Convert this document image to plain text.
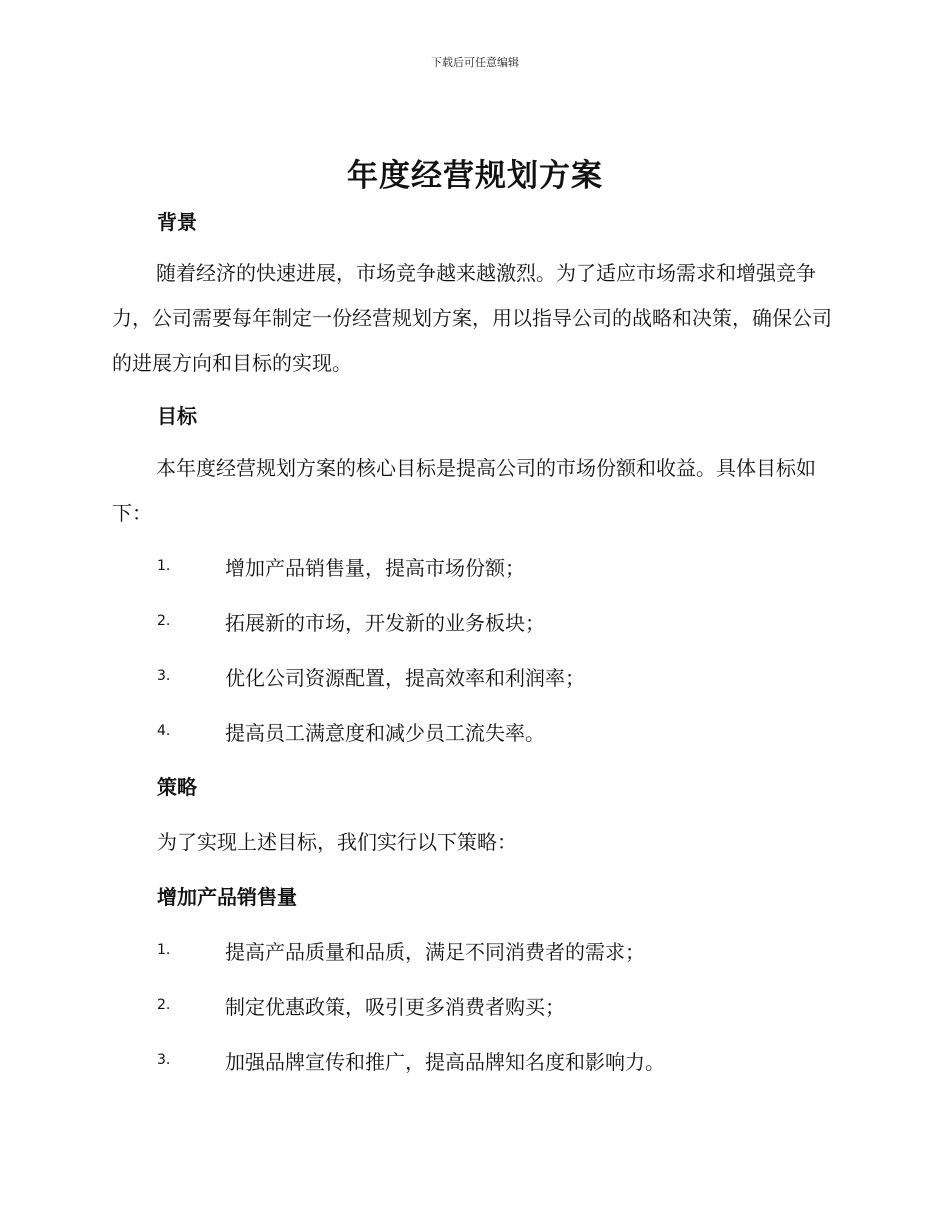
下载后可任意编辑
年度经营规划方案
背景

随着经济的快速进展，市场竞争越来越激烈。为了适应市场需求和增强竞争力，公司需要每年制定一份经营规划方案，用以指导公司的战略和决策，确保公司的进展方向和目标的实现。

目标

本年度经营规划方案的核心目标是提高公司的市场份额和收益。具体目标如下：

1.	增加产品销售量，提高市场份额；
2.	拓展新的市场，开发新的业务板块；
3.	优化公司资源配置，提高效率和利润率；
4.	提高员工满意度和减少员工流失率。
策略

为了实现上述目标，我们实行以下策略：

增加产品销售量
1.	提高产品质量和品质，满足不同消费者的需求；
2.	制定优惠政策，吸引更多消费者购买；
3.	加强品牌宣传和推广，提高品牌知名度和影响力。
